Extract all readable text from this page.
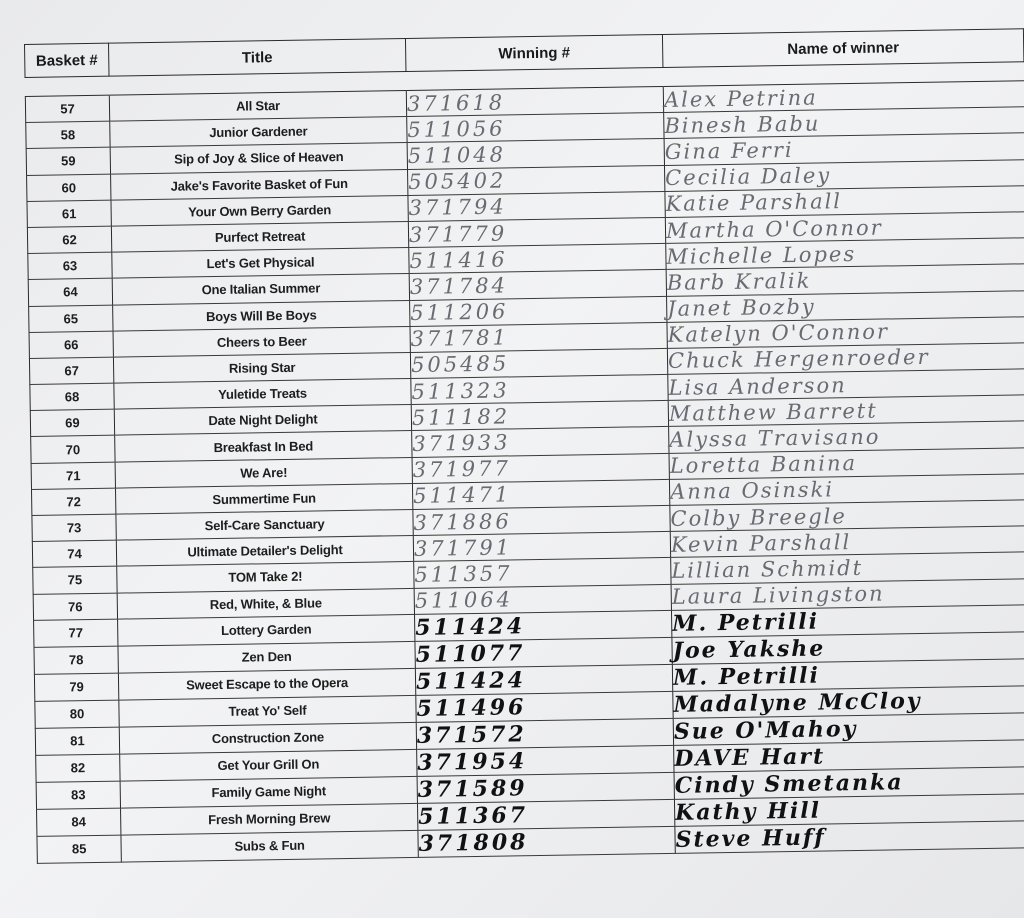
Basket #	Title	Winning #	Name of winner

57	All Star	371618	Alex Petrina
58	Junior Gardener	511056	Binesh Babu
59	Sip of Joy & Slice of Heaven	511048	Gina Ferri
60	Jake's Favorite Basket of Fun	505402	Cecilia Daley
61	Your Own Berry Garden	371794	Katie Parshall
62	Purfect Retreat	371779	Martha O'Connor
63	Let's Get Physical	511416	Michelle Lopes
64	One Italian Summer	371784	Barb Kralik
65	Boys Will Be Boys	511206	Janet Bozby
66	Cheers to Beer	371781	Katelyn O'Connor
67	Rising Star	505485	Chuck Hergenroeder
68	Yuletide Treats	511323	Lisa Anderson
69	Date Night Delight	511182	Matthew Barrett
70	Breakfast In Bed	371933	Alyssa Travisano
71	We Are!	371977	Loretta Banina
72	Summertime Fun	511471	Anna Osinski
73	Self-Care Sanctuary	371886	Colby Breegle
74	Ultimate Detailer's Delight	371791	Kevin Parshall
75	TOM Take 2!	511357	Lillian Schmidt
76	Red, White, & Blue	511064	Laura Livingston
77	Lottery Garden	511424	M. Petrilli
78	Zen Den	511077	Joe Yakshe
79	Sweet Escape to the Opera	511424	M. Petrilli
80	Treat Yo' Self	511496	Madalyne McCloy
81	Construction Zone	371572	Sue O'Mahoy
82	Get Your Grill On	371954	DAVE Hart
83	Family Game Night	371589	Cindy Smetanka
84	Fresh Morning Brew	511367	Kathy Hill
85	Subs & Fun	371808	Steve Huff
